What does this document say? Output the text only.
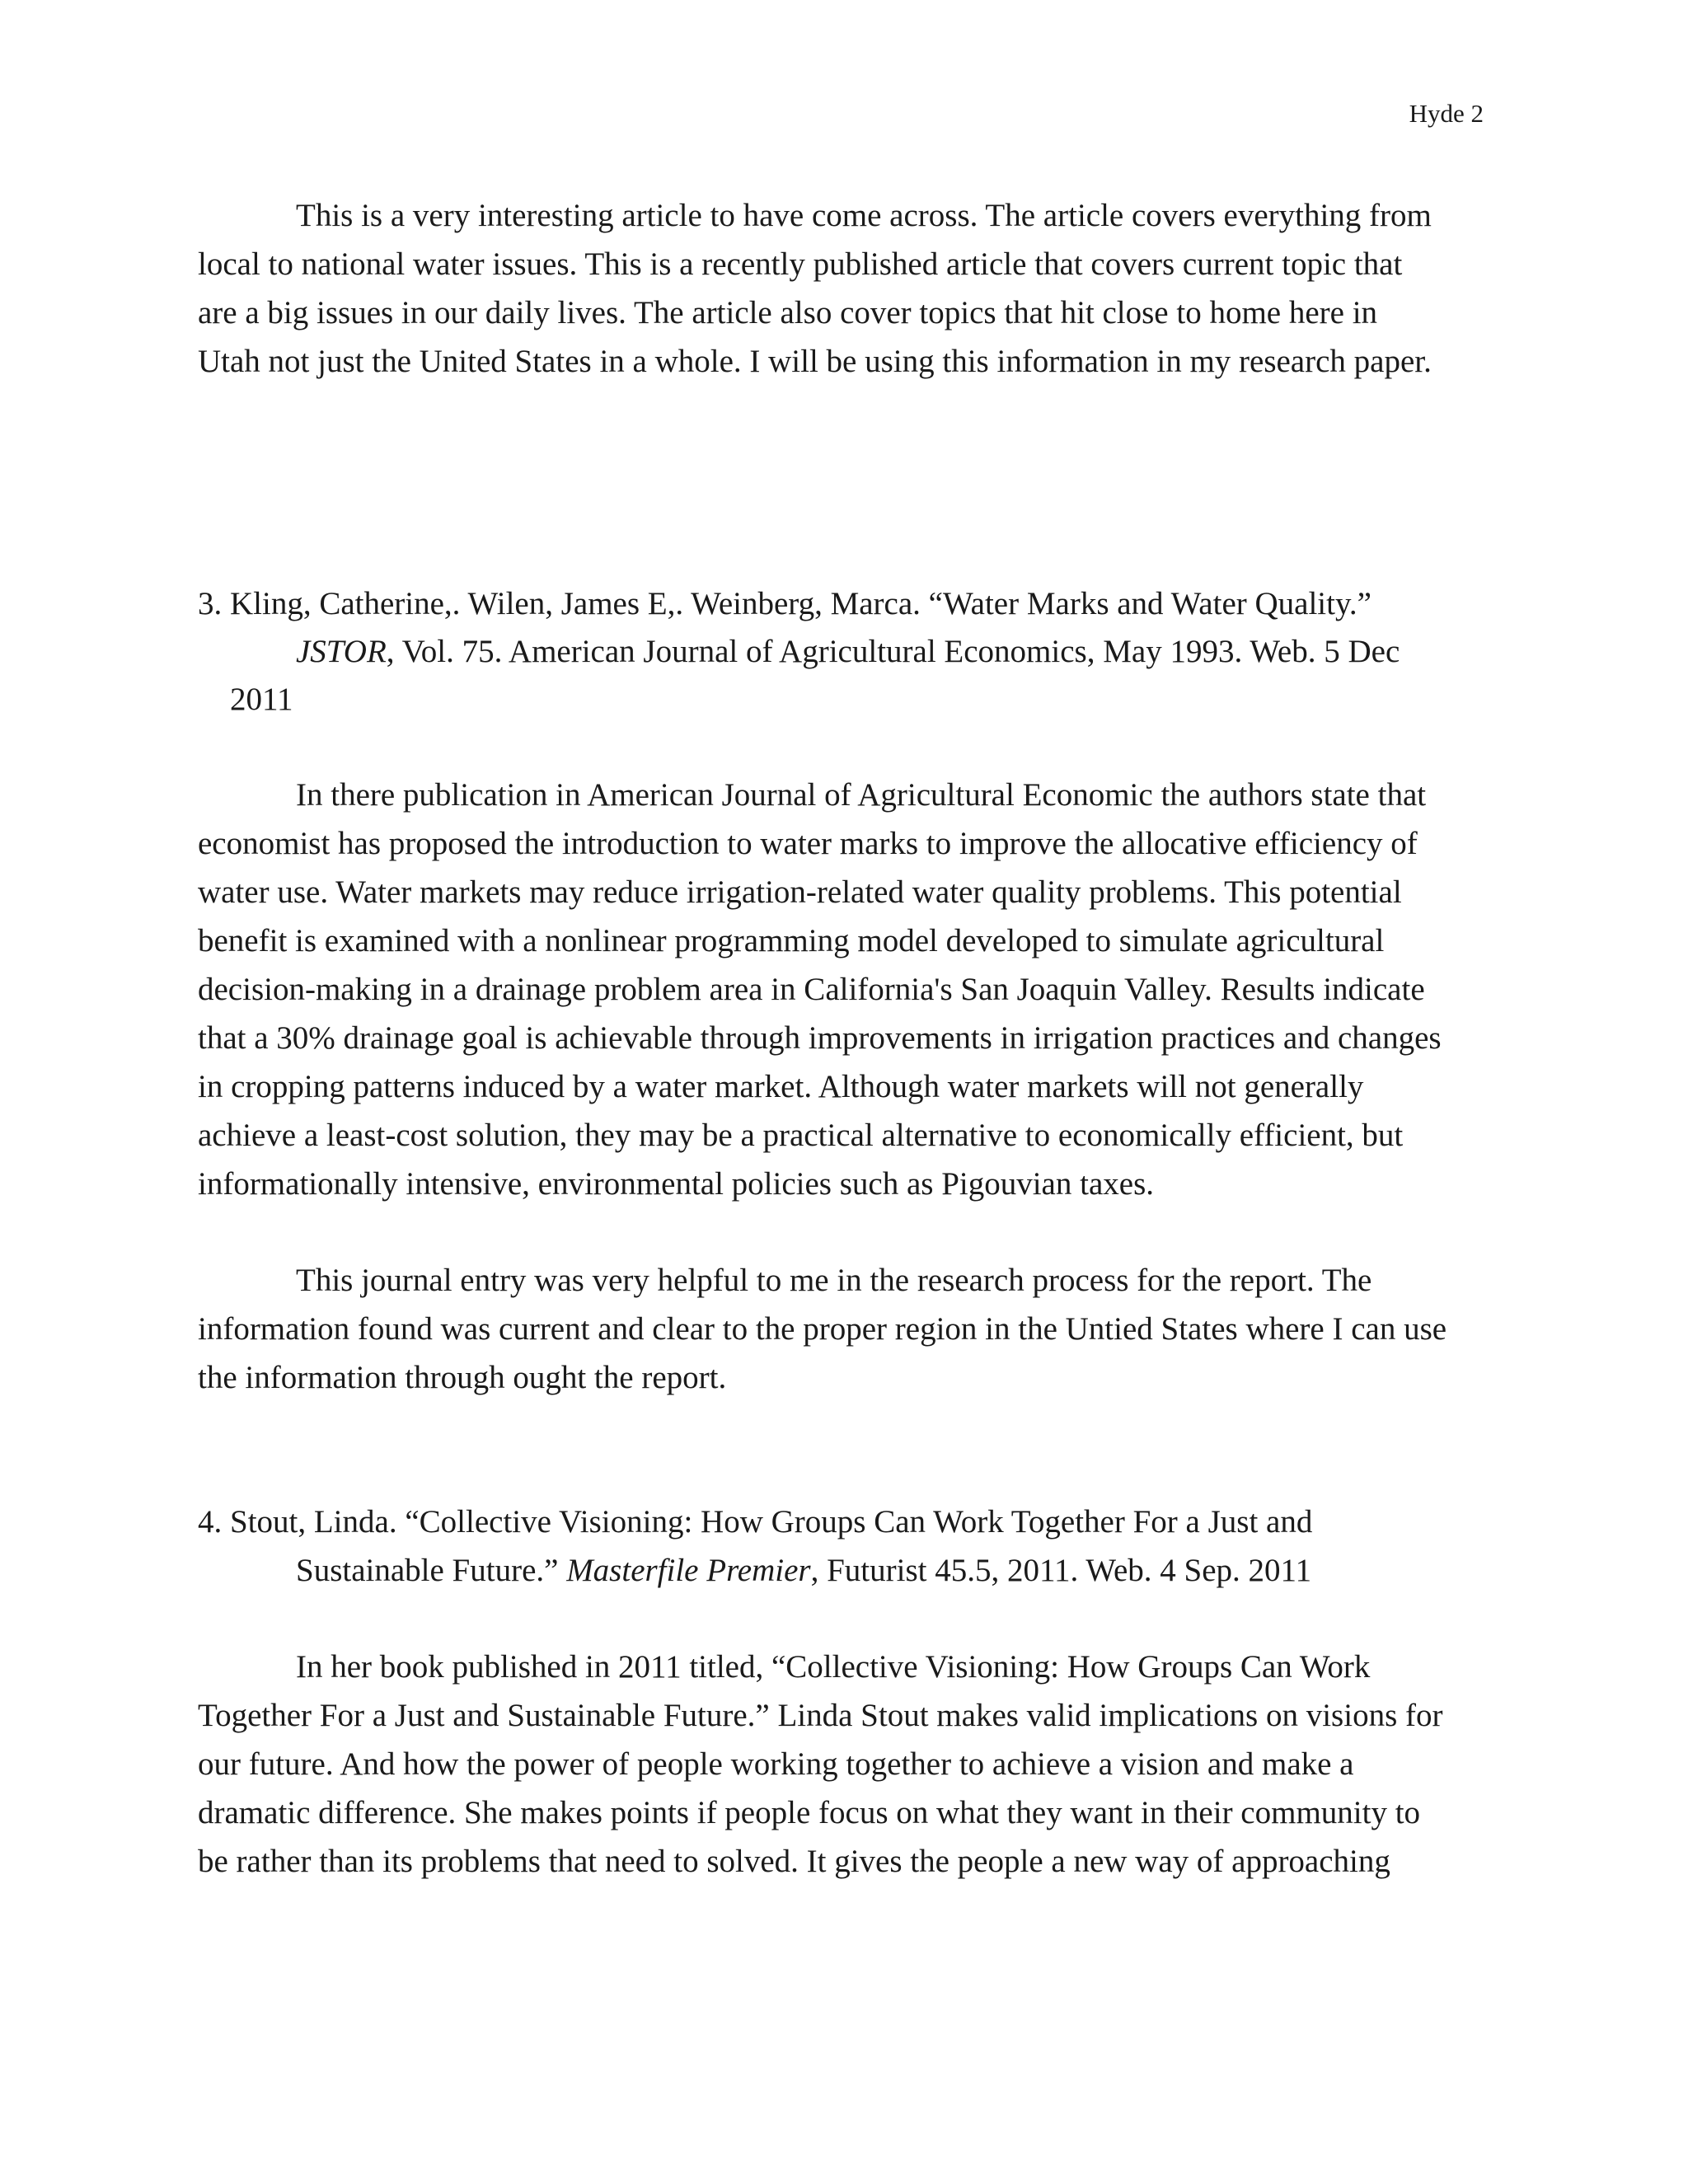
Hyde 2
This is a very interesting article to have come across. The article covers everything from
local to national water issues. This is a recently published article that covers current topic that
are a big issues in our daily lives. The article also cover topics that hit close to home here in
Utah not just the United States in a whole. I will be using this information in my research paper.
3. Kling, Catherine,. Wilen, James E,. Weinberg, Marca. “Water Marks and Water Quality.”
JSTOR, Vol. 75. American Journal of Agricultural Economics, May 1993. Web. 5 Dec
2011
In there publication in American Journal of Agricultural Economic the authors state that
economist has proposed the introduction to water marks to improve the allocative efficiency of
water use. Water markets may reduce irrigation-related water quality problems. This potential
benefit is examined with a nonlinear programming model developed to simulate agricultural
decision-making in a drainage problem area in California's San Joaquin Valley. Results indicate
that a 30% drainage goal is achievable through improvements in irrigation practices and changes
in cropping patterns induced by a water market. Although water markets will not generally
achieve a least-cost solution, they may be a practical alternative to economically efficient, but
informationally intensive, environmental policies such as Pigouvian taxes.
This journal entry was very helpful to me in the research process for the report. The
information found was current and clear to the proper region in the Untied States where I can use
the information through ought the report.
4. Stout, Linda. “Collective Visioning: How Groups Can Work Together For a Just and
Sustainable Future.” Masterfile Premier, Futurist 45.5, 2011. Web. 4 Sep. 2011
In her book published in 2011 titled, “Collective Visioning: How Groups Can Work
Together For a Just and Sustainable Future.” Linda Stout makes valid implications on visions for
our future. And how the power of people working together to achieve a vision and make a
dramatic difference. She makes points if people focus on what they want in their community to
be rather than its problems that need to solved. It gives the people a new way of approaching
